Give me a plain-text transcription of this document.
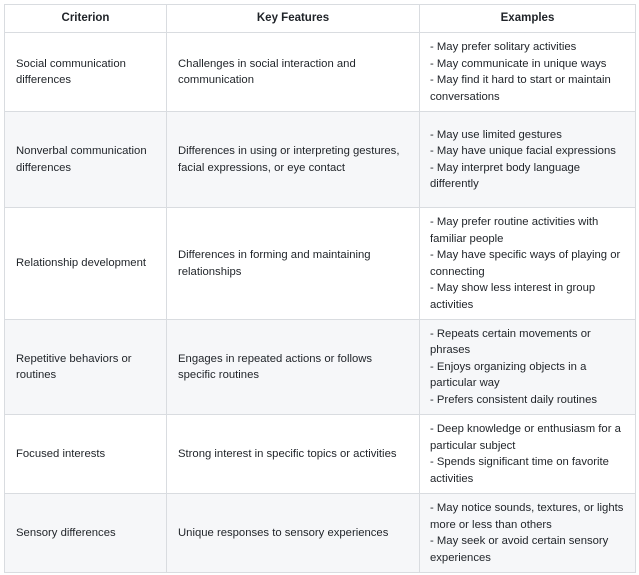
Criterion	Key Features	Examples
Social communication differences	Challenges in social interaction and communication	- May prefer solitary activities
- May communicate in unique ways
- May find it hard to start or maintain conversations

Nonverbal communication differences	Differences in using or interpreting gestures, facial expressions, or eye contact	- May use limited gestures
- May have unique facial expressions
- May interpret body language differently

Relationship development	Differences in forming and maintaining relationships	- May prefer routine activities with familiar people
- May have specific ways of playing or connecting
- May show less interest in group activities

Repetitive behaviors or routines	Engages in repeated actions or follows specific routines	- Repeats certain movements or phrases
- Enjoys organizing objects in a particular way
- Prefers consistent daily routines

Focused interests	Strong interest in specific topics or activities	- Deep knowledge or enthusiasm for a particular subject
- Spends significant time on favorite activities

Sensory differences	Unique responses to sensory experiences	- May notice sounds, textures, or lights more or less than others
- May seek or avoid certain sensory experiences
